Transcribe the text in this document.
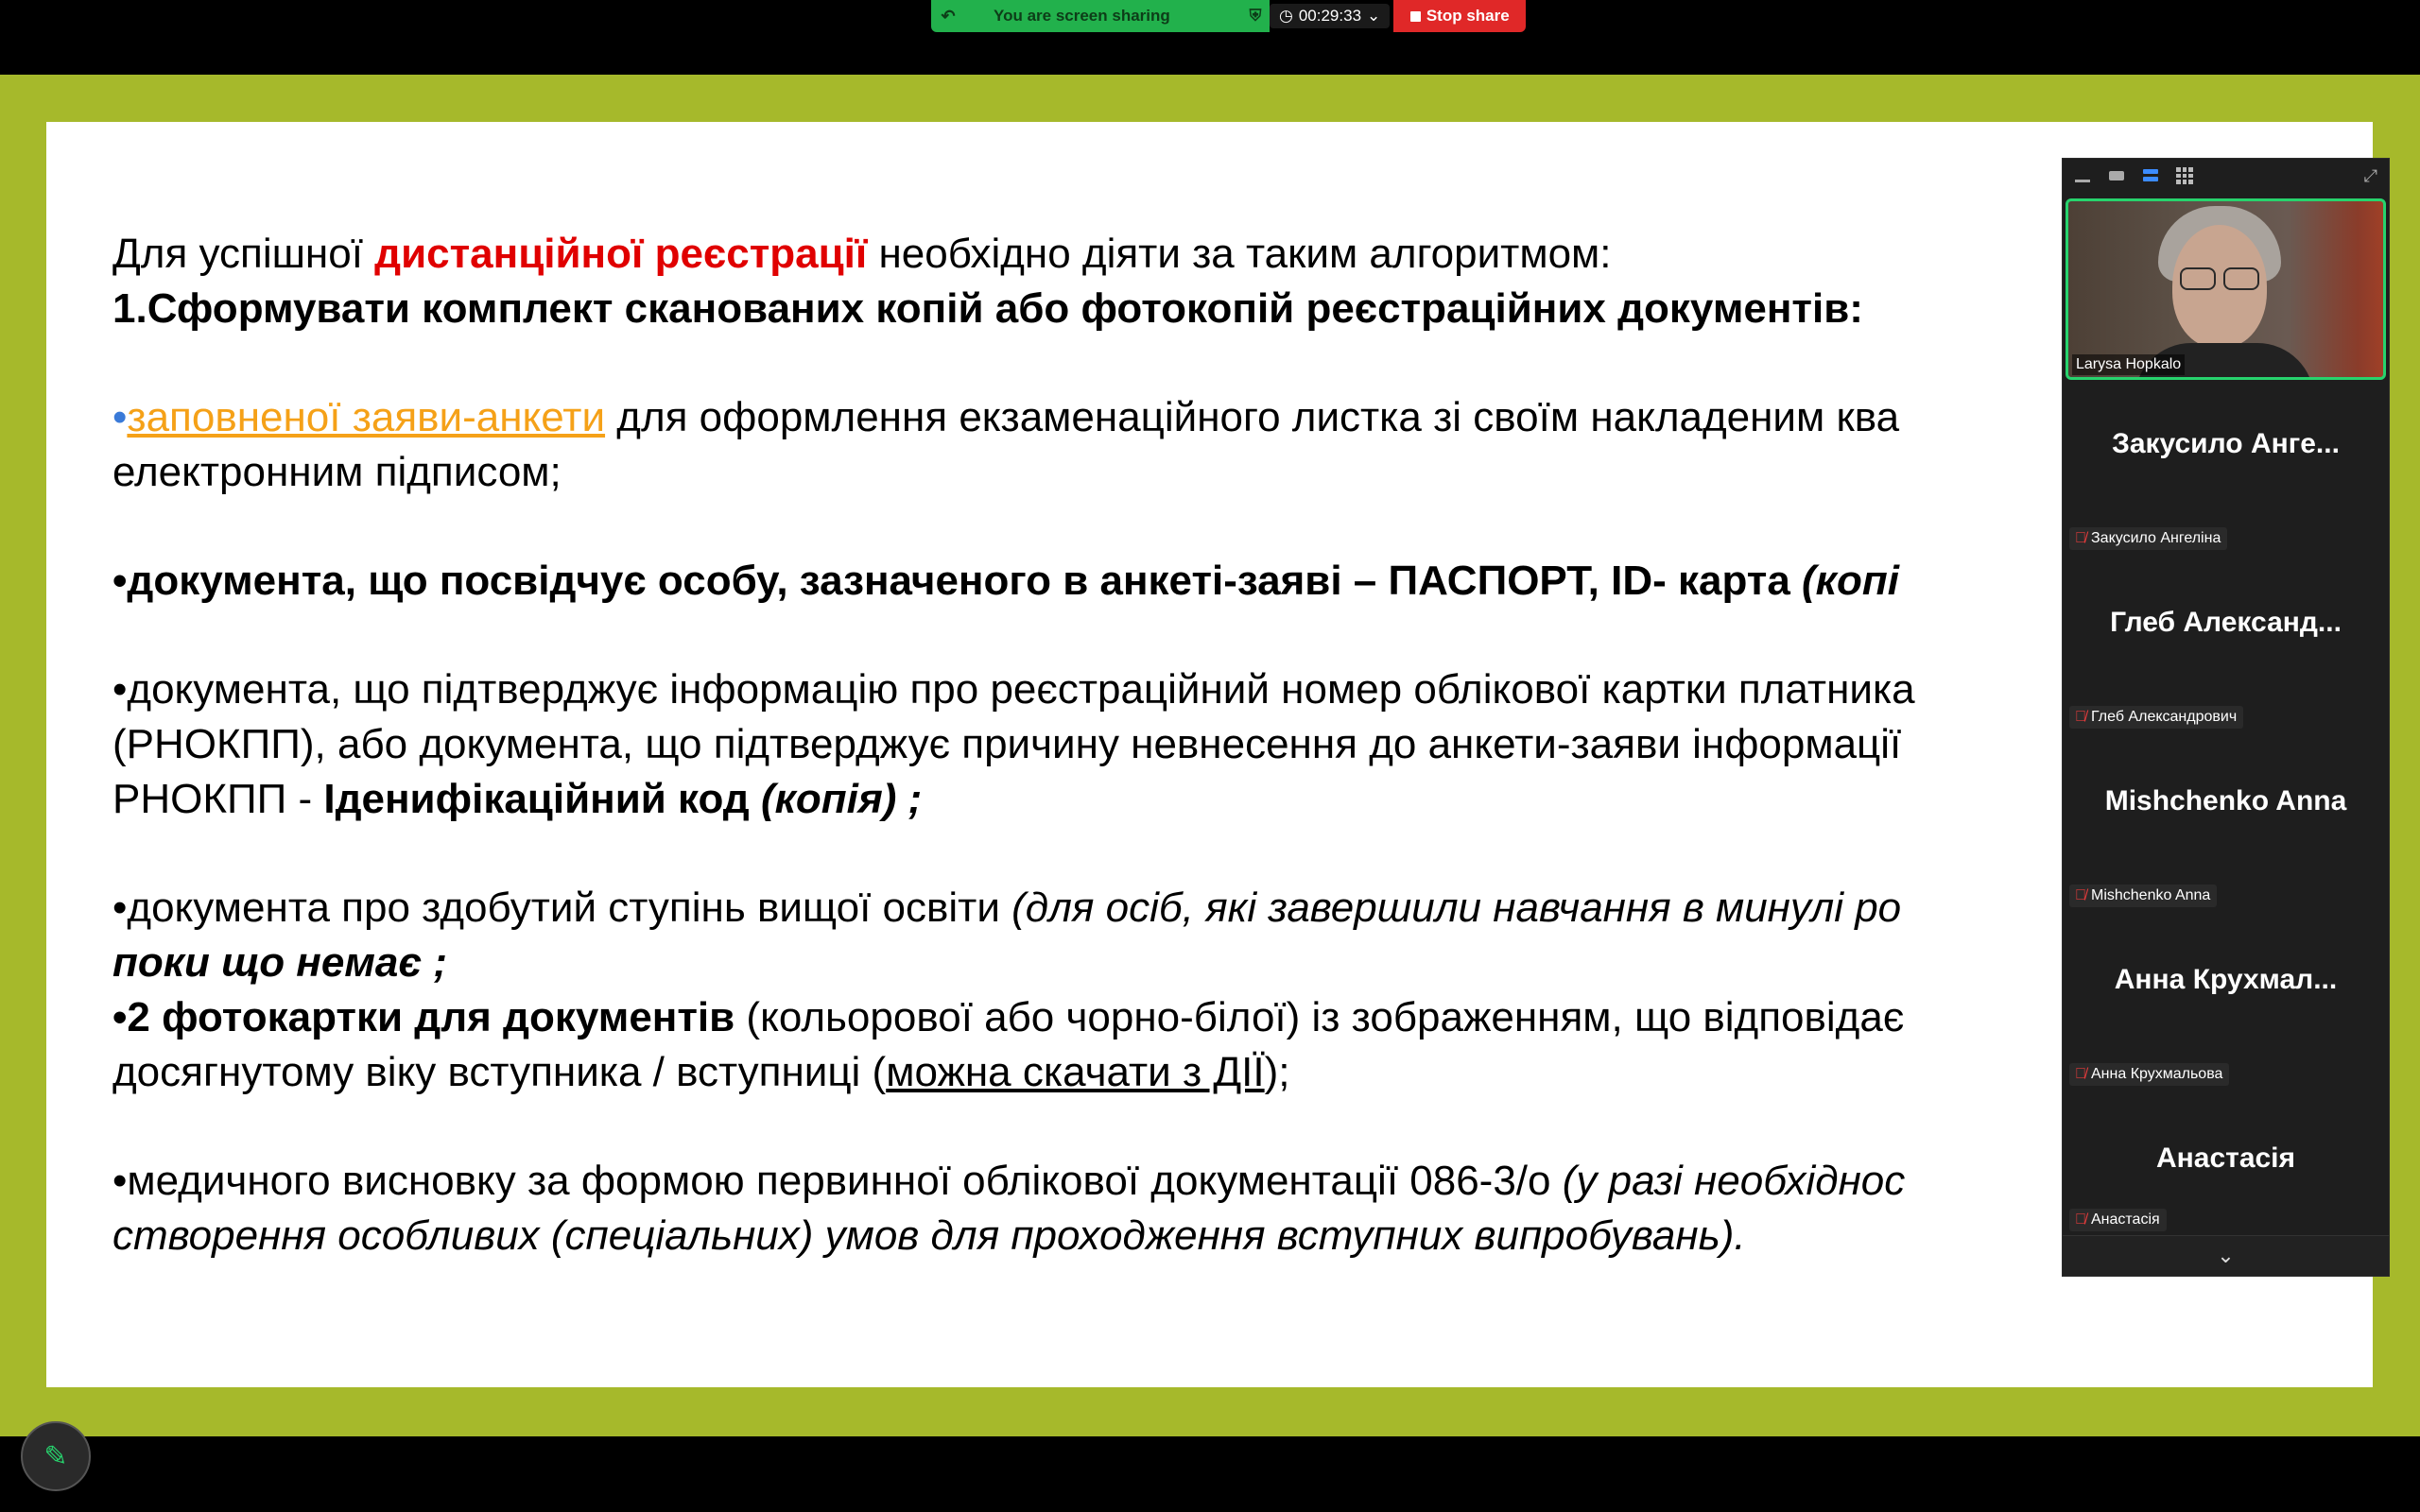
↶	You are screen sharing	⛨	◷ 00:29:33 ⌄	Stop share

Для успішної дистанційної реєстрації необхідно діяти за таким алгоритмом:

1.Сформувати комплект сканованих копій або фотокопій реєстраційних документів:

•заповненої заяви-анкети для оформлення екзаменаційного листка зі своїм накладеним ква

електронним підписом;

•документа, що посвідчує особу, зазначеного в анкеті-заяві – ПАСПОРТ, ID- карта (копі

•документа, що підтверджує інформацію про реєстраційний номер облікової картки платника

(РНОКПП), або документа, що підтверджує причину невнесення до анкети-заяви інформації

РНОКПП - Іденифікаційний код (копія) ;

•документа про здобутий ступінь вищої освіти (для осіб, які завершили навчання в минулі ро

поки що немає ;

•2 фотокартки для документів (кольорової або чорно-білої) із зображенням, що відповідає

досягнутому віку вступника / вступниці (можна скачати з ДІЇ);

•медичного висновку за формою первинної облікової документації 086-3/о (у разі необхіднос

створення особливих (спеціальних) умов для проходження вступних випробувань).

⤢
Larysa Hopkalo
Закусило Анге...
🎙̸ Закусило Ангеліна
Глеб Александ...
🎙̸ Глеб Александрович
Mishchenko Anna
🎙̸ Mishchenko Anna
Анна Крухмал...
🎙̸ Анна Крухмальова
Анастасія
🎙̸ Анастасія
⌄
✎
